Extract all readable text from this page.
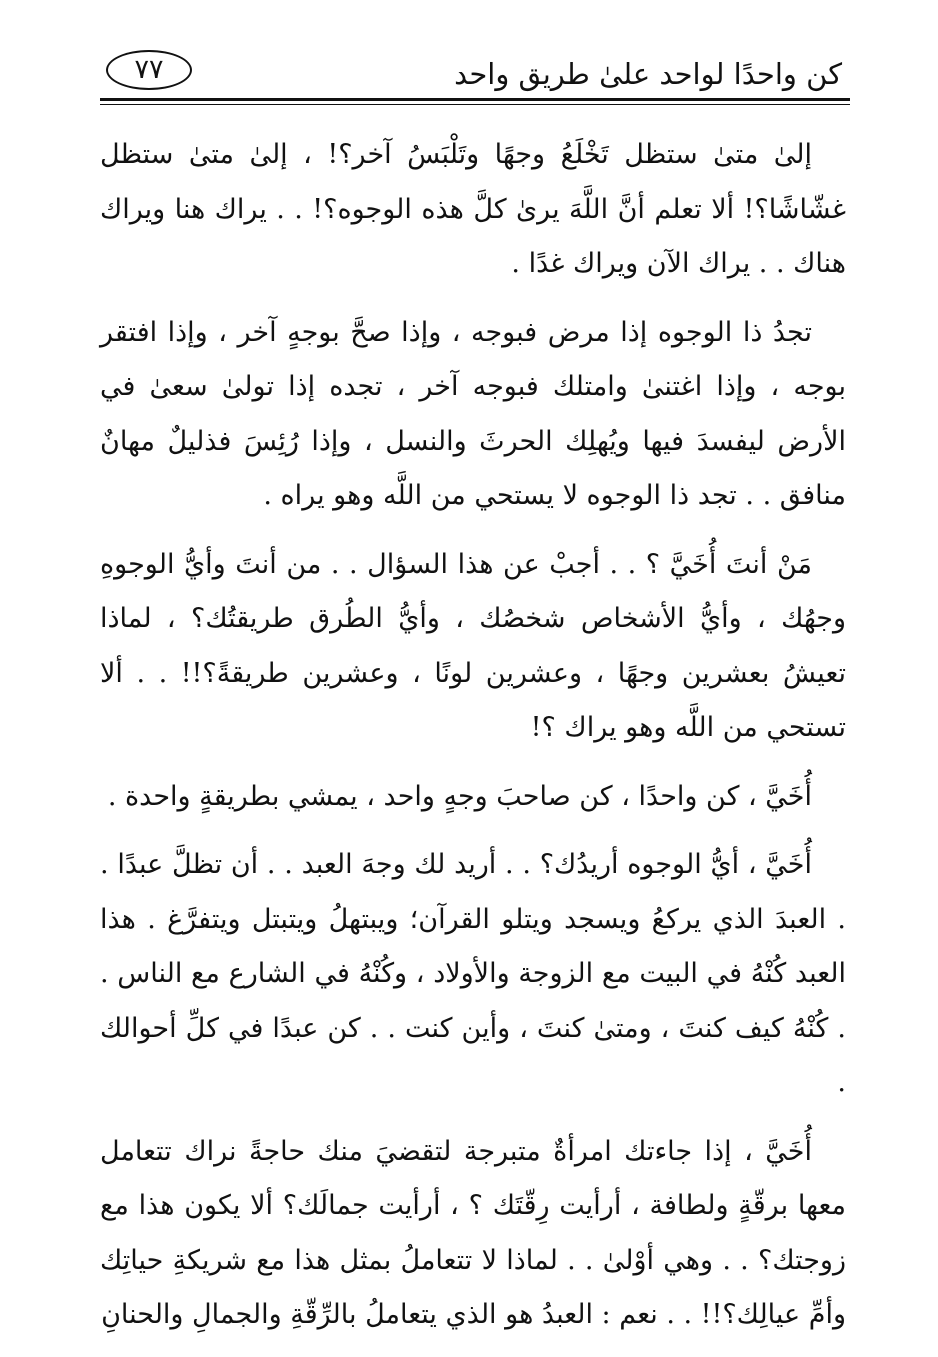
كن واحدًا لواحد علىٰ طريق واحد
٧٧

إلىٰ متىٰ ستظل تَخْلَعُ وجهًا وتَلْبَسُ آخر؟! ، إلىٰ متىٰ ستظل غشّاشًا؟! ألا تعلم أنَّ اللَّهَ يرىٰ كلَّ هذه الوجوه؟! . . يراك هنا ويراك هناك . . يراك الآن ويراك غدًا .

تجدُ ذا الوجوه إذا مرض فبوجه ، وإذا صحَّ بوجهٍ آخر ، وإذا افتقر بوجه ، وإذا اغتنىٰ وامتلك فبوجه آخر ، تجده إذا تولىٰ سعىٰ في الأرض ليفسدَ فيها ويُهلِك الحرثَ والنسل ، وإذا رُئِسَ فذليلٌ مهانٌ منافق . . تجد ذا الوجوه لا يستحي من اللَّه وهو يراه .

مَنْ أنتَ أُخَيَّ ؟ . . أجبْ عن هذا السؤال . . من أنتَ وأيُّ الوجوهِ وجهُك ، وأيُّ الأشخاص شخصُك ، وأيُّ الطُرق طريقتُك؟ ، لماذا تعيشُ بعشرين وجهًا ، وعشرين لونًا ، وعشرين طريقةً؟!! . . ألا تستحي من اللَّه وهو يراك ؟!

أُخَيَّ ، كن واحدًا ، كن صاحبَ وجهٍ واحد ، يمشي بطريقةٍ واحدة .

أُخَيَّ ، أيُّ الوجوه أريدُك؟ . . أريد لك وجهَ العبد . . أن تظلَّ عبدًا . . العبدَ الذي يركعُ ويسجد ويتلو القرآن؛ ويبتهلُ ويتبتل ويتفرَّغ . هذا العبد كُنْهُ في البيت مع الزوجة والأولاد ، وكُنْهُ في الشارع مع الناس . . كُنْهُ كيف كنتَ ، ومتىٰ كنتَ ، وأين كنت . . كن عبدًا في كلِّ أحوالك .

أُخَيَّ ، إذا جاءتك امرأةٌ متبرجة لتقضيَ منك حاجةً نراك تتعامل معها برقّةٍ ولطافة ، أرأيت رِقّتَك ؟ ، أرأيت جمالَك؟ ألا يكون هذا مع زوجتك؟ . . وهي أوْلىٰ . . لماذا لا تتعاملُ بمثل هذا مع شريكةِ حياتِك وأمِّ عيالِك؟!! . . نعم : العبدُ هو الذي يتعاملُ بالرِّقّةِ والجمالِ والحنانِ
